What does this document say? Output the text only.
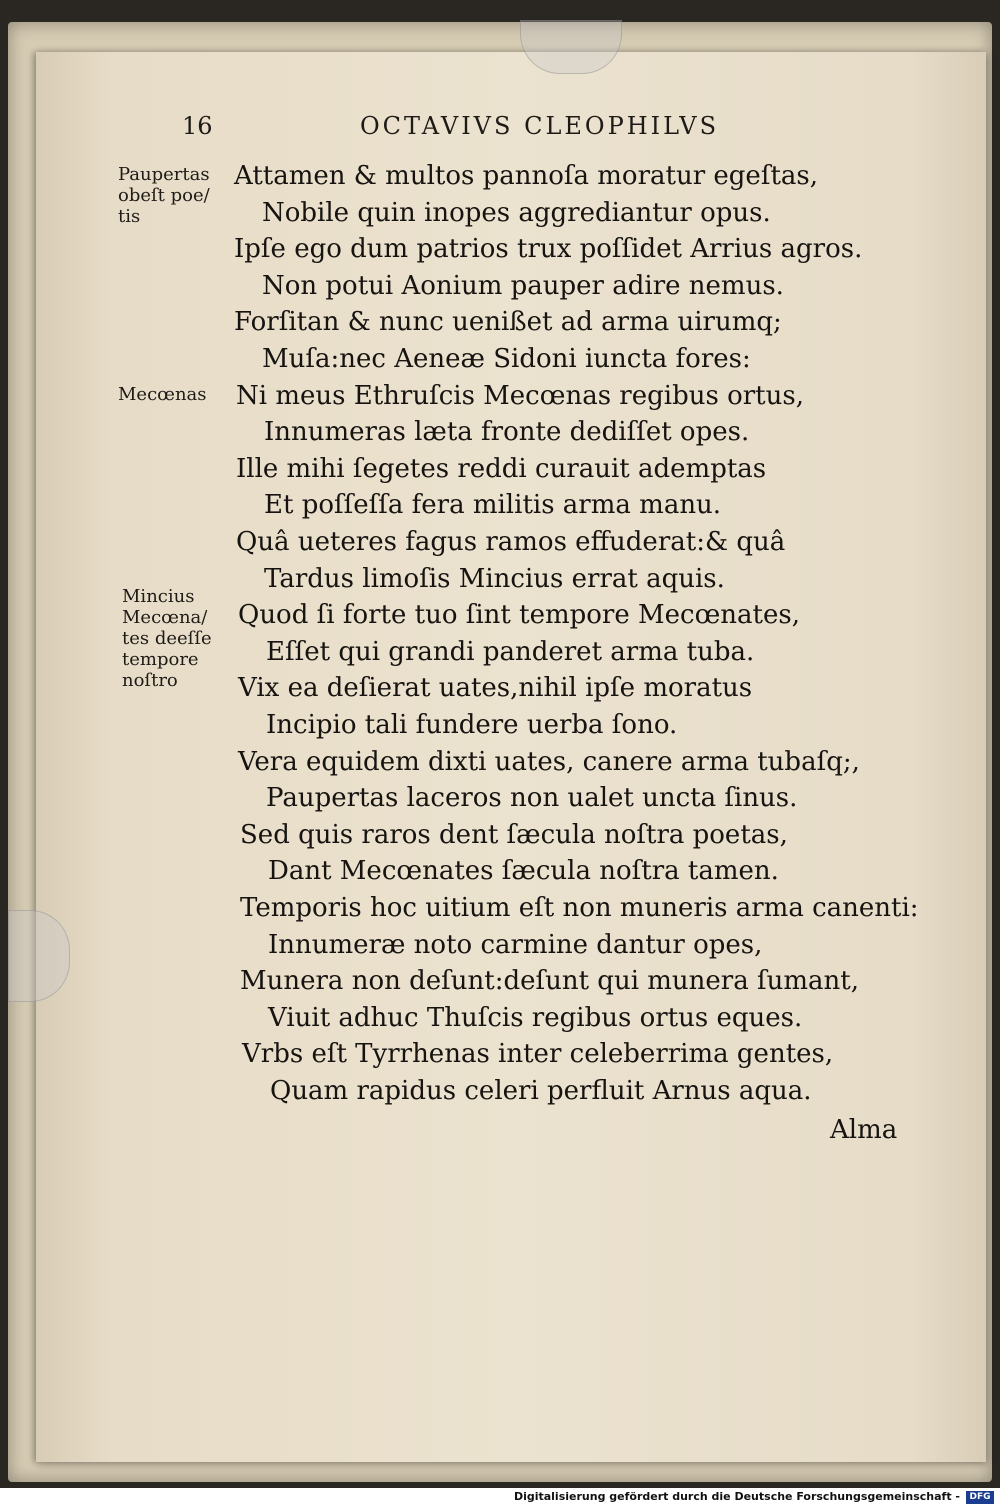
16	OCTAVIVS CLEOPHILVS
Attamen & multos pannoſa moratur egeſtas,
Nobile quin inopes aggrediantur opus.
Ipſe ego dum patrios trux poſſidet Arrius agros.
Non potui Aonium pauper adire nemus.
Forſitan & nunc uenißet ad arma uirumq;
Muſa:nec Aeneæ Sidoni iuncta fores:
Ni meus Ethruſcis Mecœnas regibus ortus,
Innumeras læta fronte dediſſet opes.
Ille mihi ſegetes reddi curauit ademptas
Et poſſeſſa fera militis arma manu.
Quâ ueteres fagus ramos effuderat:& quâ
Tardus limoſis Mincius errat aquis.
Quod ſi forte tuo ſint tempore Mecœnates,
Eſſet qui grandi panderet arma tuba.
Vix ea deſierat uates,nihil ipſe moratus
Incipio tali fundere uerba ſono.
Vera equidem dixti uates, canere arma tubaſq;,
Paupertas laceros non ualet uncta ſinus.
Sed quis raros dent ſæcula noſtra poetas,
Dant Mecœnates ſæcula noſtra tamen.
Temporis hoc uitium eſt non muneris arma canenti:
Innumeræ noto carmine dantur opes,
Munera non deſunt:deſunt qui munera ſumant,
Viuit adhuc Thuſcis regibus ortus eques.
Vrbs eſt Tyrrhenas inter celeberrima gentes,
Quam rapidus celeri perfluit Arnus aqua.
Paupertas
obeſt poe/
tis
Mecœnas
Mincius
Mecœna/
tes deeſſe
tempore
noſtro
Alma
Digitalisierung gefördert durch die Deutsche Forschungsgemeinschaft -	DFG
